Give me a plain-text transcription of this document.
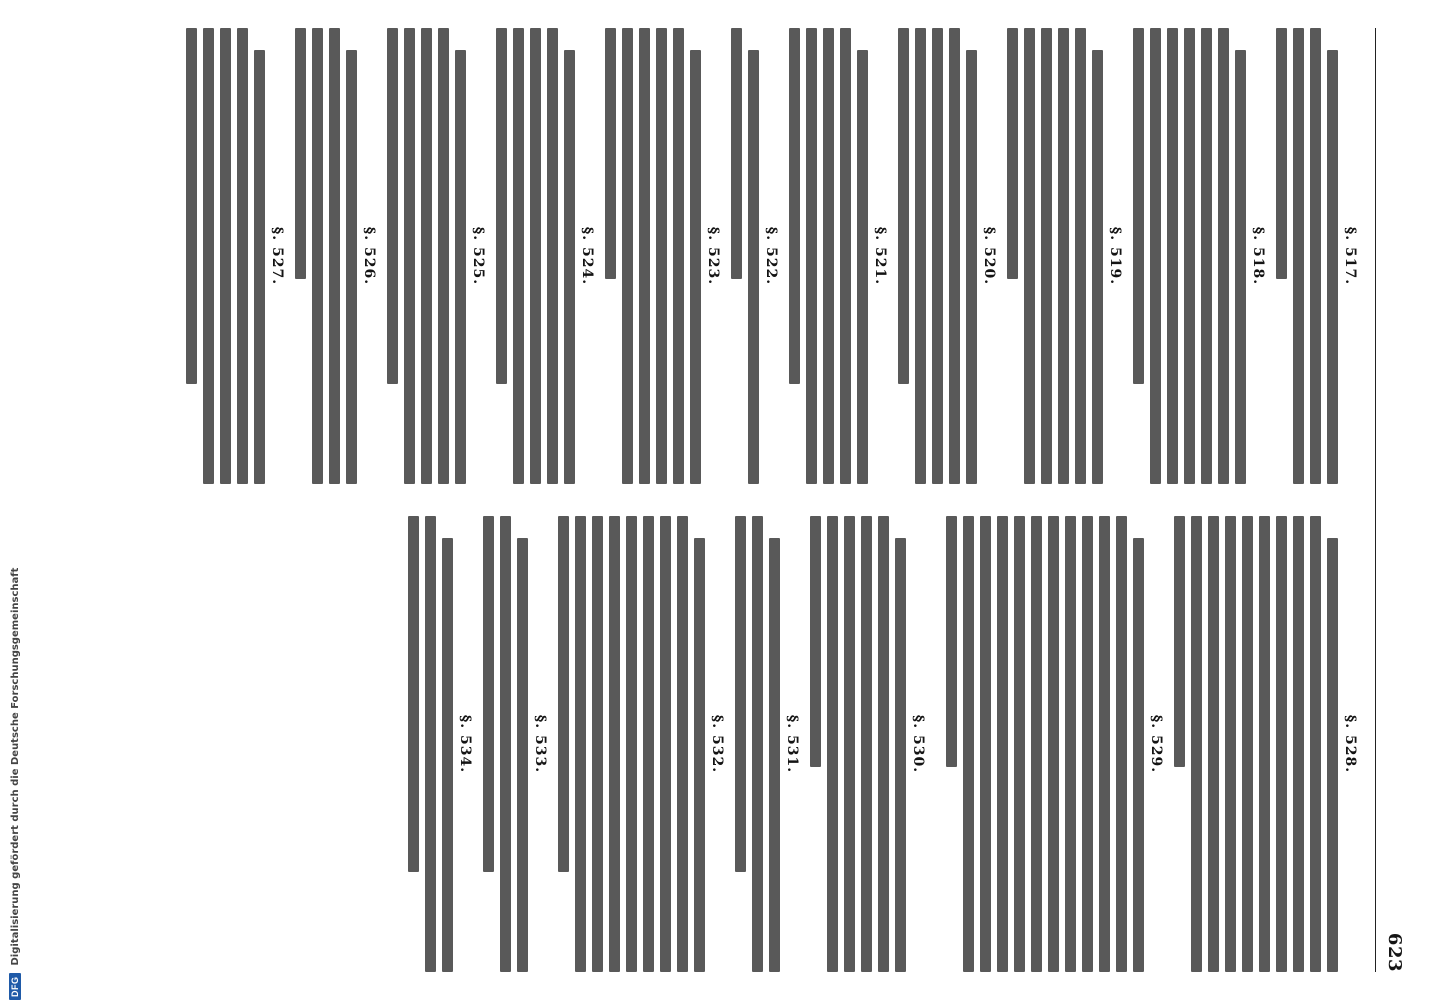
623
§. 517.
§. 518.
§. 519.
§. 520.
§. 521.
§. 522.
§. 523.
§. 524.
§. 525.
§. 526.
§. 527.
§. 528.
§. 529.
§. 530.
§. 531.
§. 532.
§. 533.
§. 534.
DFG
Digitalisierung gefördert durch die Deutsche Forschungsgemeinschaft
